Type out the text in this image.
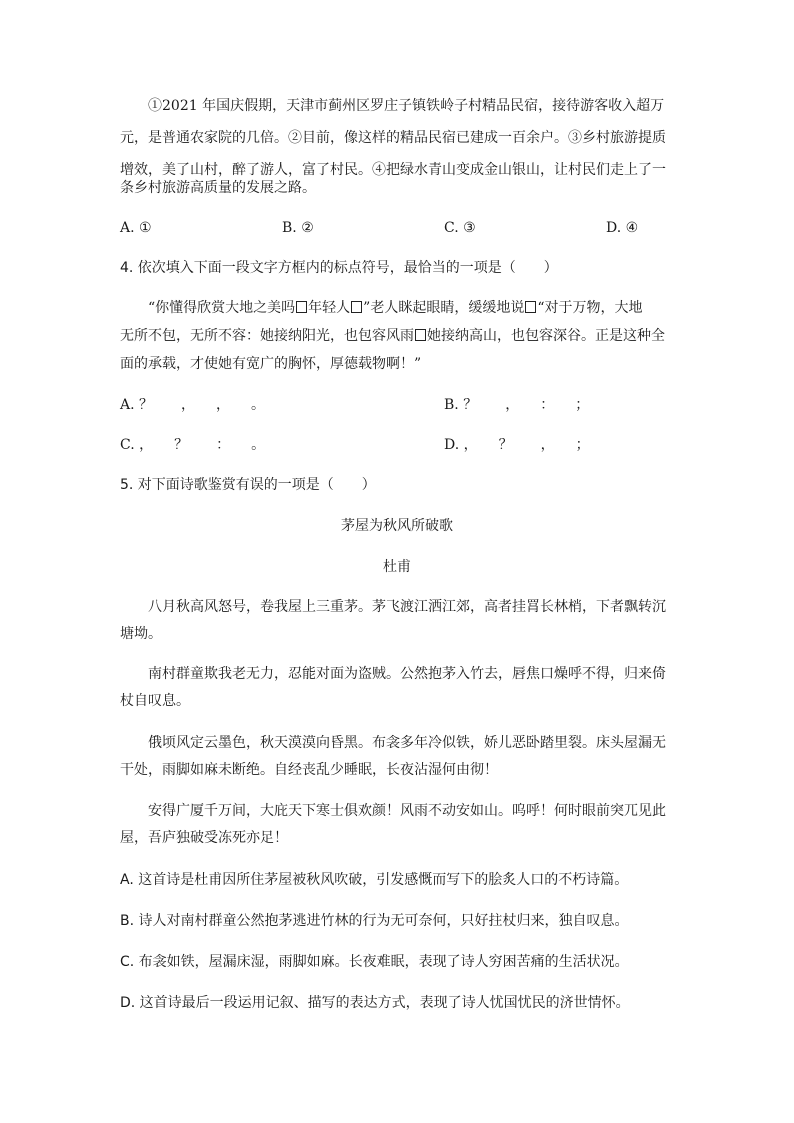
①2021 年国庆假期，天津市蓟州区罗庄子镇铁岭子村精品民宿，接待游客收入超万
元，是普通农家院的几倍。②目前，像这样的精品民宿已建成一百余户。③乡村旅游提质
增效，美了山村，醉了游人，富了村民。④把绿水青山变成金山银山，让村民们走上了一
条乡村旅游高质量的发展之路。
A. ①	B. ②	C. ③	D. ④
4. 依次填入下面一段文字方框内的标点符号，最恰当的一项是（　　）
“你懂得欣赏大地之美吗 年轻人 ”老人眯起眼睛，缓缓地说 “对于万物，大地
无所不包，无所不容：她接纳阳光，也包容风雨 她接纳高山，也包容深谷。正是这种全
面的承载，才使她有宽广的胸怀，厚德载物啊！”
A. ？　　，　　，　　。	B. ？　　，　　：　　；
C. ，　　？　　：　　。	D. ，　　？　　，　　；
5. 对下面诗歌鉴赏有误的一项是（　　）
茅屋为秋风所破歌
杜甫
八月秋高风怒号，卷我屋上三重茅。茅飞渡江洒江郊，高者挂罥长林梢，下者飘转沉
塘坳。
南村群童欺我老无力，忍能对面为盗贼。公然抱茅入竹去，唇焦口燥呼不得，归来倚
杖自叹息。
俄顷风定云墨色，秋天漠漠向昏黑。布衾多年冷似铁，娇儿恶卧踏里裂。床头屋漏无
干处，雨脚如麻未断绝。自经丧乱少睡眠，长夜沾湿何由彻！
安得广厦千万间，大庇天下寒士俱欢颜！风雨不动安如山。呜呼！何时眼前突兀见此
屋，吾庐独破受冻死亦足！
A. 这首诗是杜甫因所住茅屋被秋风吹破，引发感慨而写下的脍炙人口的不朽诗篇。
B. 诗人对南村群童公然抱茅逃进竹林的行为无可奈何，只好拄杖归来，独自叹息。
C. 布衾如铁，屋漏床湿，雨脚如麻。长夜难眠，表现了诗人穷困苦痛的生活状况。
D. 这首诗最后一段运用记叙、描写的表达方式，表现了诗人忧国忧民的济世情怀。
